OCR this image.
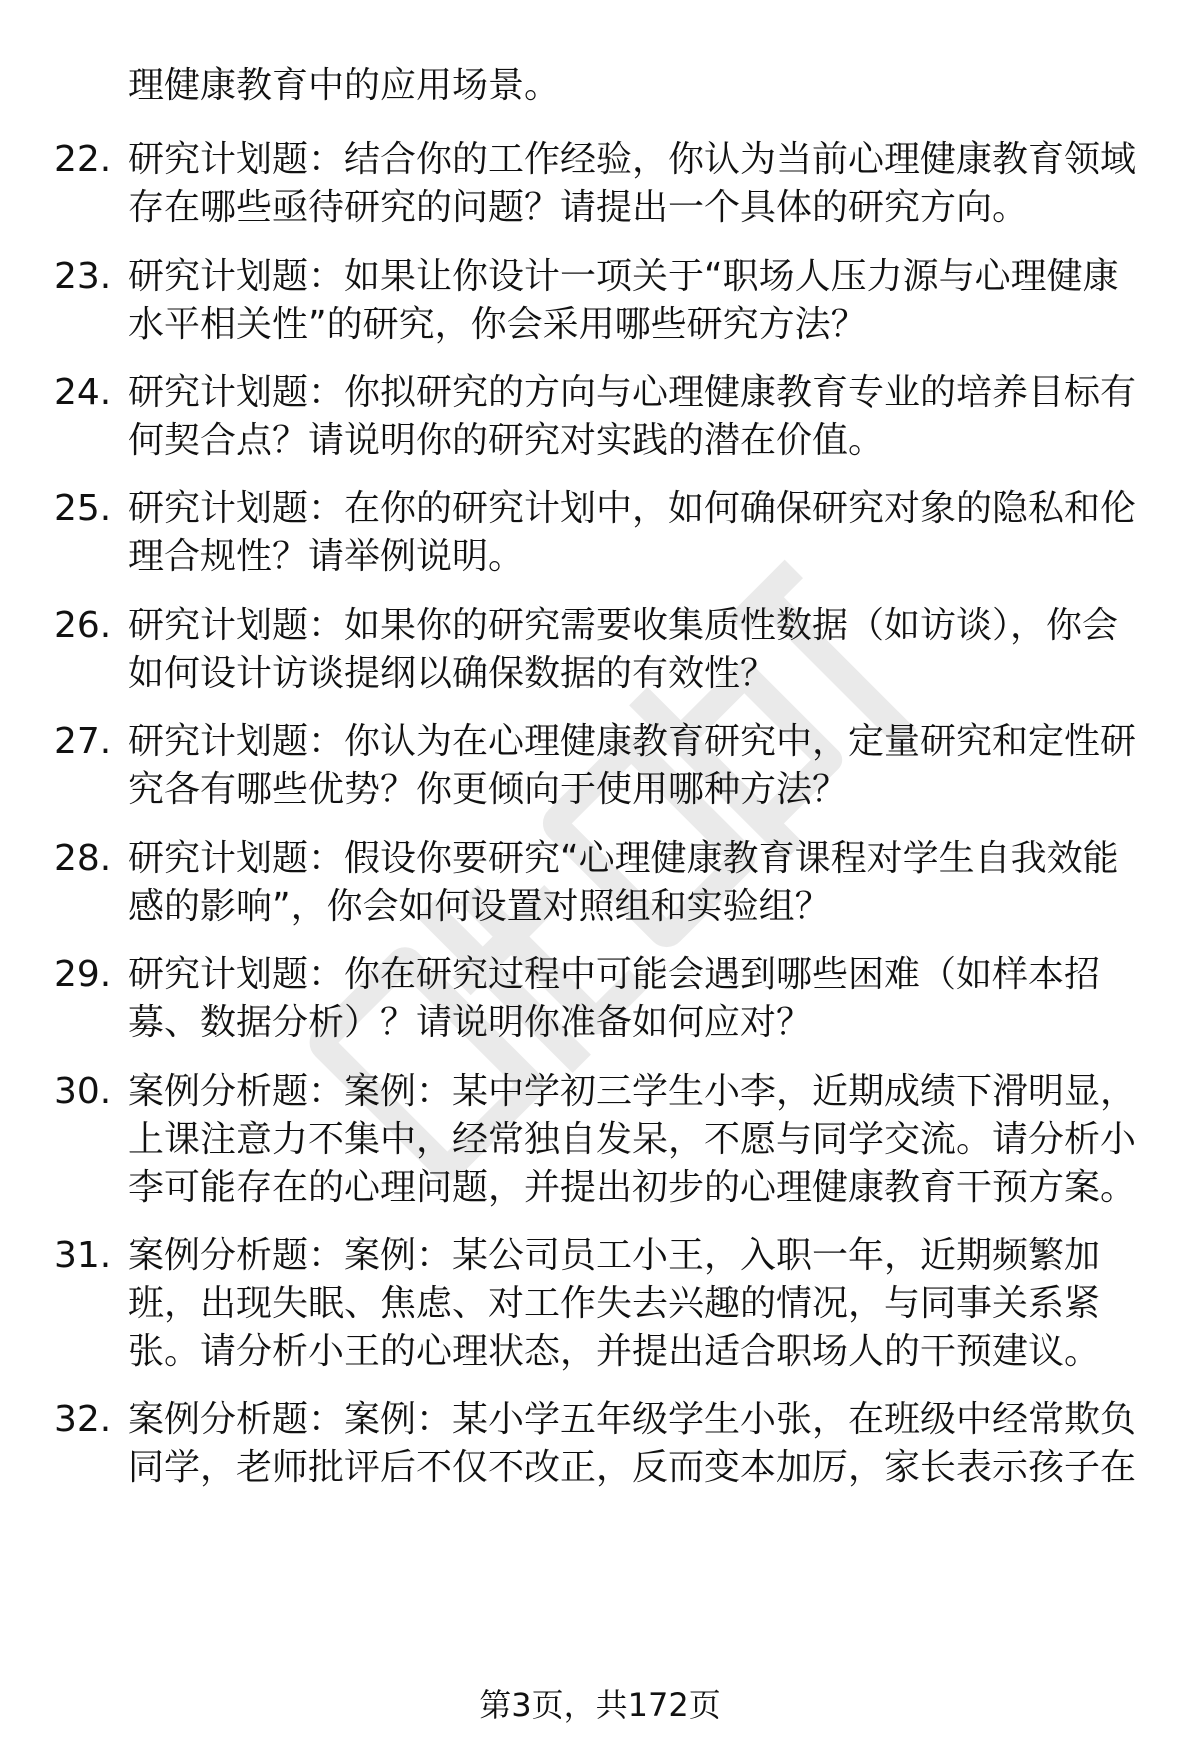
理健康教育中的应用场景。
22. 研究计划题：结合你的工作经验，你认为当前心理健康教育领域
存在哪些亟待研究的问题？请提出一个具体的研究方向。
23. 研究计划题：如果让你设计一项关于“职场人压力源与心理健康
水平相关性”的研究，你会采用哪些研究方法？
24. 研究计划题：你拟研究的方向与心理健康教育专业的培养目标有
何契合点？请说明你的研究对实践的潜在价值。
25. 研究计划题：在你的研究计划中，如何确保研究对象的隐私和伦
理合规性？请举例说明。
26. 研究计划题：如果你的研究需要收集质性数据（如访谈），你会
如何设计访谈提纲以确保数据的有效性？
27. 研究计划题：你认为在心理健康教育研究中，定量研究和定性研
究各有哪些优势？你更倾向于使用哪种方法？
28. 研究计划题：假设你要研究“心理健康教育课程对学生自我效能
感的影响”，你会如何设置对照组和实验组？
29. 研究计划题：你在研究过程中可能会遇到哪些困难（如样本招
募、数据分析）？请说明你准备如何应对？
30. 案例分析题：案例：某中学初三学生小李，近期成绩下滑明显，
上课注意力不集中，经常独自发呆，不愿与同学交流。请分析小
李可能存在的心理问题，并提出初步的心理健康教育干预方案。
31. 案例分析题：案例：某公司员工小王，入职一年，近期频繁加
班，出现失眠、焦虑、对工作失去兴趣的情况，与同事关系紧
张。请分析小王的心理状态，并提出适合职场人的干预建议。
32. 案例分析题：案例：某小学五年级学生小张，在班级中经常欺负
同学，老师批评后不仅不改正，反而变本加厉，家长表示孩子在
第3页，共172页
